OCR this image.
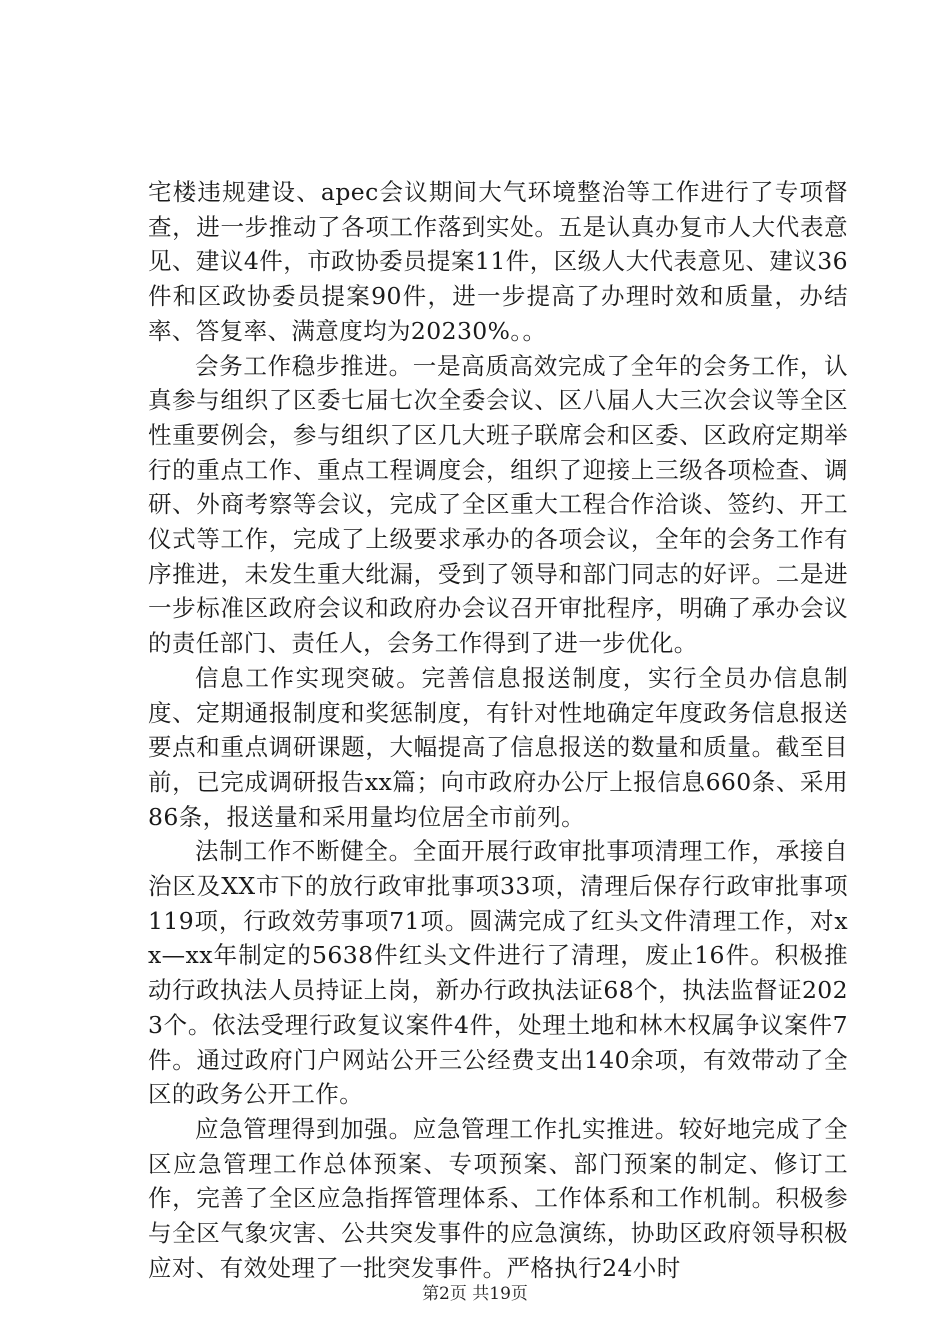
宅楼违规建设、apec会议期间大气环境整治等工作进行了专项督查，进一步推动了各项工作落到实处。五是认真办复市人大代表意见、建议4件，市政协委员提案11件，区级人大代表意见、建议36件和区政协委员提案90件，进一步提高了办理时效和质量，办结率、答复率、满意度均为20230%。。

会务工作稳步推进。一是高质高效完成了全年的会务工作，认真参与组织了区委七届七次全委会议、区八届人大三次会议等全区性重要例会，参与组织了区几大班子联席会和区委、区政府定期举行的重点工作、重点工程调度会，组织了迎接上三级各项检查、调研、外商考察等会议，完成了全区重大工程合作洽谈、签约、开工仪式等工作，完成了上级要求承办的各项会议，全年的会务工作有序推进，未发生重大纰漏，受到了领导和部门同志的好评。二是进一步标准区政府会议和政府办会议召开审批程序，明确了承办会议的责任部门、责任人，会务工作得到了进一步优化。

信息工作实现突破。完善信息报送制度，实行全员办信息制度、定期通报制度和奖惩制度，有针对性地确定年度政务信息报送要点和重点调研课题，大幅提高了信息报送的数量和质量。截至目前，已完成调研报告xx篇；向市政府办公厅上报信息660条、采用86条，报送量和采用量均位居全市前列。

法制工作不断健全。全面开展行政审批事项清理工作，承接自治区及XX市下的放行政审批事项33项，清理后保存行政审批事项119项，行政效劳事项71项。圆满完成了红头文件清理工作，对xx—xx年制定的5638件红头文件进行了清理，废止16件。积极推动行政执法人员持证上岗，新办行政执法证68个，执法监督证2023个。依法受理行政复议案件4件，处理土地和林木权属争议案件7件。通过政府门户网站公开三公经费支出140余项，有效带动了全区的政务公开工作。

应急管理得到加强。应急管理工作扎实推进。较好地完成了全区应急管理工作总体预案、专项预案、部门预案的制定、修订工作，完善了全区应急指挥管理体系、工作体系和工作机制。积极参与全区气象灾害、公共突发事件的应急演练，协助区政府领导积极应对、有效处理了一批突发事件。严格执行24小时

第2页 共19页
